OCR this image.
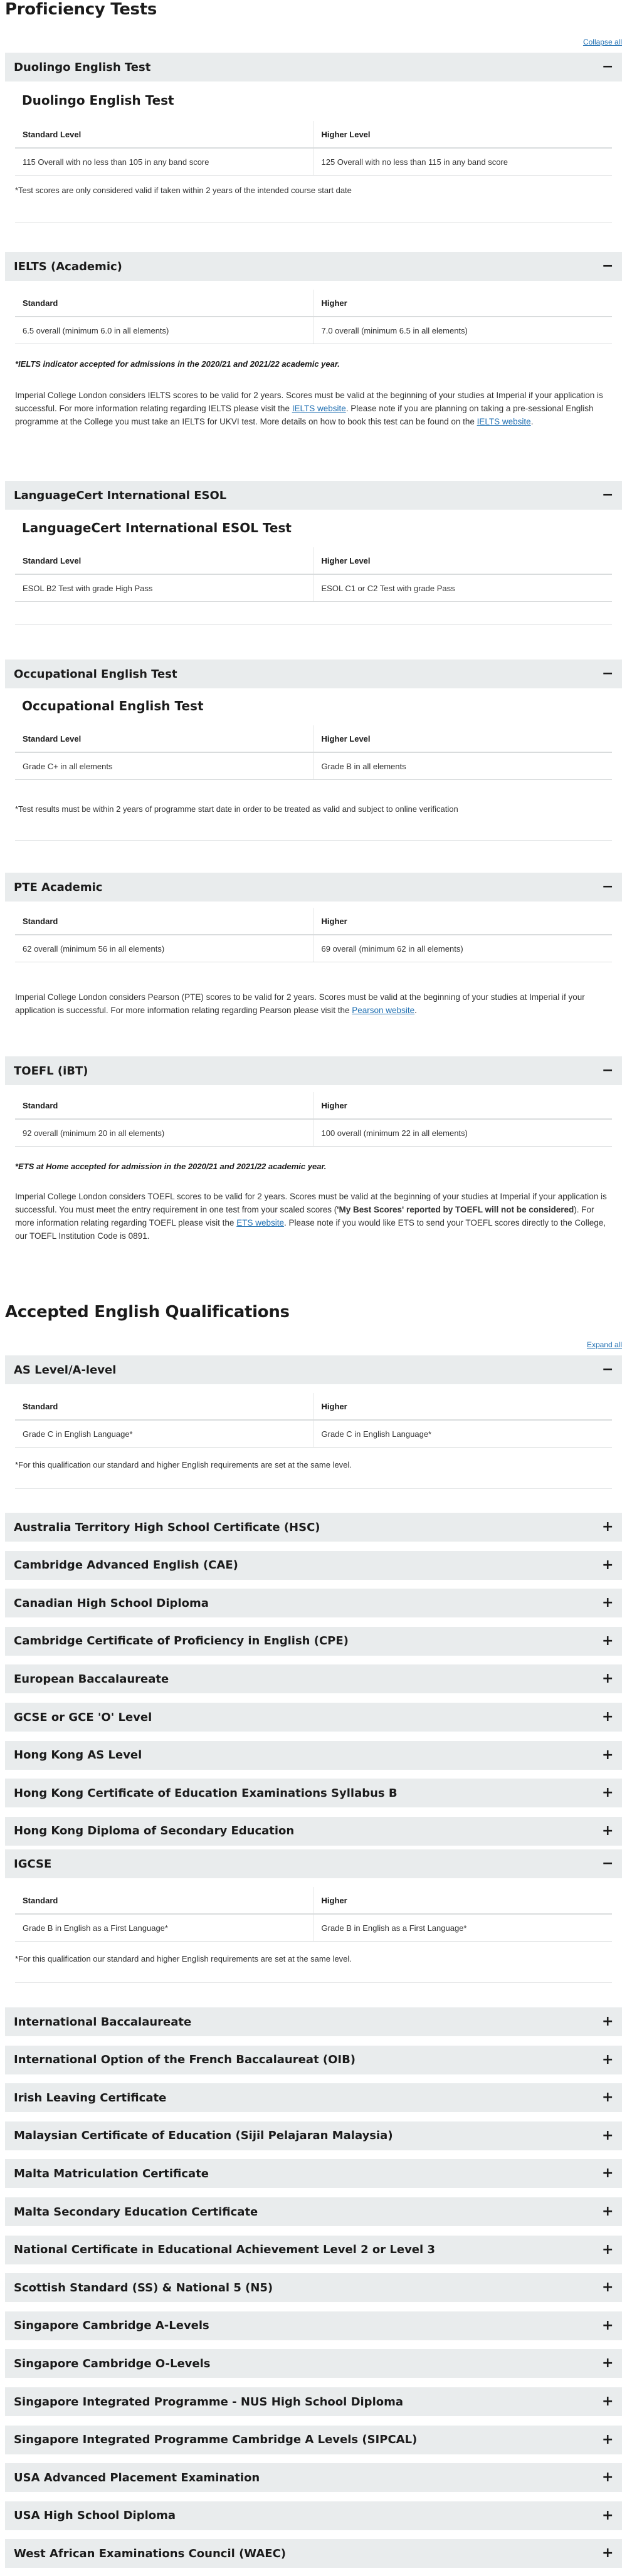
Proficiency Tests
Collapse all
Duolingo English Test	−
Duolingo English Test
Standard Level	Higher Level
115 Overall with no less than 105 in any band score	125 Overall with no less than 115 in any band score

*Test scores are only considered valid if taken within 2 years of the intended course start date

IELTS (Academic)	−
Standard	Higher
6.5 overall (minimum 6.0 in all elements)	7.0 overall (minimum 6.5 in all elements)

*IELTS indicator accepted for admissions in the 2020/21 and 2021/22 academic year.

Imperial College London considers IELTS scores to be valid for 2 years. Scores must be valid at the beginning of your studies at Imperial if your application is successful. For more information relating regarding IELTS please visit the IELTS website. Please note if you are planning on taking a pre-sessional English programme at the College you must take an IELTS for UKVI test. More details on how to book this test can be found on the IELTS website.

LanguageCert International ESOL	−
LanguageCert International ESOL Test
Standard Level	Higher Level
ESOL B2 Test with grade High Pass	ESOL C1 or C2 Test with grade Pass
Occupational English Test	−
Occupational English Test
Standard Level	Higher Level
Grade C+ in all elements	Grade B in all elements

*Test results must be within 2 years of programme start date in order to be treated as valid and subject to online verification

PTE Academic	−
Standard	Higher
62 overall (minimum 56 in all elements)	69 overall (minimum 62 in all elements)

Imperial College London considers Pearson (PTE) scores to be valid for 2 years. Scores must be valid at the beginning of your studies at Imperial if your application is successful. For more information relating regarding Pearson please visit the Pearson website.

TOEFL (iBT)	−
Standard	Higher
92 overall (minimum 20 in all elements)	100 overall (minimum 22 in all elements)

*ETS at Home accepted for admission in the 2020/21 and 2021/22 academic year.

Imperial College London considers TOEFL scores to be valid for 2 years. Scores must be valid at the beginning of your studies at Imperial if your application is successful. You must meet the entry requirement in one test from your scaled scores ('My Best Scores' reported by TOEFL will not be considered). For more information relating regarding TOEFL please visit the ETS website. Please note if you would like ETS to send your TOEFL scores directly to the College, our TOEFL Institution Code is 0891.

Accepted English Qualifications
Expand all
AS Level/A-level	−
Standard	Higher
Grade C in English Language*	Grade C in English Language*

*For this qualification our standard and higher English requirements are set at the same level.

Australia Territory High School Certificate (HSC)	+
Cambridge Advanced English (CAE)	+
Canadian High School Diploma	+
Cambridge Certificate of Proficiency in English (CPE)	+
European Baccalaureate	+
GCSE or GCE 'O' Level	+
Hong Kong AS Level	+
Hong Kong Certificate of Education Examinations Syllabus B	+
Hong Kong Diploma of Secondary Education	+
IGCSE	−
Standard	Higher
Grade B in English as a First Language*	Grade B in English as a First Language*

*For this qualification our standard and higher English requirements are set at the same level.

International Baccalaureate	+
International Option of the French Baccalaureat (OIB)	+
Irish Leaving Certificate	+
Malaysian Certificate of Education (Sijil Pelajaran Malaysia)	+
Malta Matriculation Certificate	+
Malta Secondary Education Certificate	+
National Certificate in Educational Achievement Level 2 or Level 3	+
Scottish Standard (SS) & National 5 (N5)	+
Singapore Cambridge A-Levels	+
Singapore Cambridge O-Levels	+
Singapore Integrated Programme - NUS High School Diploma	+
Singapore Integrated Programme Cambridge A Levels (SIPCAL)	+
USA Advanced Placement Examination	+
USA High School Diploma	+
West African Examinations Council (WAEC)	+
